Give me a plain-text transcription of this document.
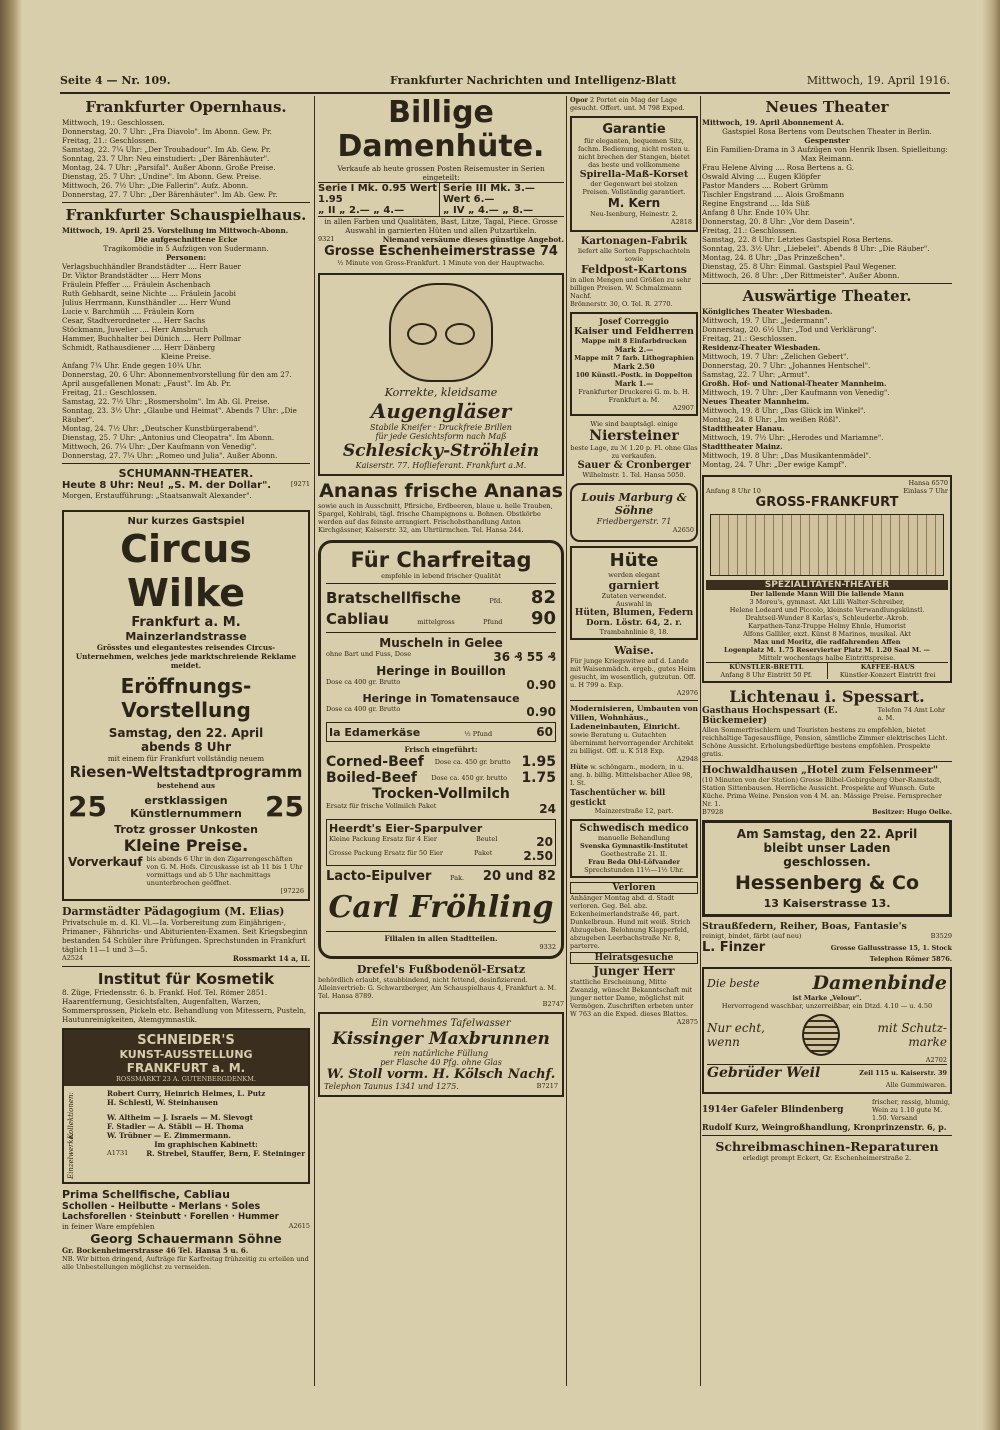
Seite 4 — Nr. 109.	Frankfurter Nachrichten und Intelligenz-Blatt	Mittwoch, 19. April 1916.
Frankfurter Opernhaus.

Mittwoch, 19.: Geschlossen.

Donnerstag, 20. 7 Uhr: „Fra Diavolo". Im Abonn. Gew. Pr.

Freitag, 21.: Geschlossen.

Samstag, 22. 7¼ Uhr: „Der Troubadour". Im Ab. Gew. Pr.

Sonntag, 23. 7 Uhr: Neu einstudiert: „Der Bärenhäuter".

Montag, 24. 7 Uhr: „Parsifal". Außer Abonn. Große Preise.

Dienstag, 25. 7 Uhr: „Undine". Im Abonn. Gew. Preise.

Mittwoch, 26. 7½ Uhr: „Die Fallerin". Aufz. Abonn.

Donnerstag, 27. 7 Uhr: „Der Bärenhäuter". Im Ab. Gew. Pr.

Frankfurter Schauspielhaus.

Mittwoch, 19. April 25. Vorstellung im Mittwoch-Abonn.

Die aufgeschnittene Ecke

Tragikomödie in 5 Aufzügen von Sudermann.

Personen:

Verlagsbuchhändler Brandstädter .... Herr Bauer

Dr. Viktor Brandstädter .... Herr Mons

Fräulein Pfeffer .... Fräulein Aschenbach

Ruth Gebhardt, seine Nichte .... Fräulein Jacobi

Julius Herrmann, Kunsthändler .... Herr Wund

Lucie v. Barchmüh .... Fräulein Korn

Cesar, Stadtverordneter .... Herr Sachs

Stöckmann, Juwelier .... Herr Amsbruch

Hammer, Buchhalter bei Dünich .... Herr Pollmar

Schmidt, Rathausdiener .... Herr Dänberg

Kleine Preise.

Anfang 7¼ Uhr. Ende gegen 10¼ Uhr.

Donnerstag, 20. 6 Uhr: Abonnementvorstellung für den am 27. April ausgefallenen Monat: „Faust". Im Ab. Pr.

Freitag, 21.: Geschlossen.

Samstag, 22. 7½ Uhr: „Rosmersholm". Im Ab. Gl. Preise.

Sonntag, 23. 3½ Uhr: „Glaube und Heimat". Abends 7 Uhr: „Die Räuber".

Montag, 24. 7½ Uhr: „Deutscher Kunstbürgerabend".

Dienstag, 25. 7 Uhr: „Antonius und Cleopatra". Im Abonn.

Mittwoch, 26. 7¼ Uhr: „Der Kaufmann von Venedig".

Donnerstag, 27. 7¼ Uhr: „Romeo und Julia". Außer Abonn.

SCHUMANN-THEATER.
Heute 8 Uhr: Neu! „S. M. der Dollar".	[9271

Morgen, Erstaufführung: „Staatsanwalt Alexander".

Nur kurzes Gastspiel
Circus Wilke
Frankfurt a. M.
Mainzerlandstrasse

Grösstes und elegantestes reisendes Circus-Unternehmen, welches jede marktschreiende Reklame meidet.

Eröffnungs-Vorstellung
Samstag, den 22. April
abends 8 Uhr

mit einem für Frankfurt vollständig neuem

Riesen-Weltstadtprogramm

bestehend aus

25	erstklassigen Künstlernummern 25
Trotz grosser Unkosten
Kleine Preise.
Vorverkauf bis abends 6 Uhr in den Zigarrengeschäften von G. M. Hofs. Circuskasse ist ab 11 bis 1 Uhr vormittags und ab 5 Uhr nachmittags ununterbrochen geöffnet.
[97226
Darmstädter Pädagogium (M. Elias)

Privatschule m. d. Kl. Vl.—Ia. Vorbereitung zum Einjährigen-, Primaner-, Fähnrichs- und Abiturienten-Examen. Seit Kriegsbeginn bestanden 54 Schüler ihre Prüfungen. Sprechstunden in Frankfurt täglich 11—1 und 3—5.

A2524	Rossmarkt 14 a, II.
Institut für Kosmetik

8. Züge, Friedensstr. 6. b. Frankf. Hof. Tel. Römer 2851. Haarentfernung, Gesichtsfalten, Augenfalten, Warzen, Sommersprossen, Pickeln etc. Behandlung von Mitessern, Pusteln, Hautunreinigkeiten, Atemgymnastik.

SCHNEIDER'S
KUNST-AUSSTELLUNG
FRANKFURT a. M.
ROSSMARKT 23 A. GUTENBERGDENKM.
Kollektionen:
Einzelwerke:

Robert Curry, Heinrich Helmes, L. Putz

H. Schlestl, W. Steinhausen

W. Altheim — J. Israels — M. Slevogt

F. Stadler — A. Stäbli — H. Thoma

W. Trübner — E. Zimmermann.

Im graphischen Kabinett:

A1731	R. Strebel, Stauffer, Bern, F. Steininger
Prima Schellfische, Cabliau
Schollen - Heilbutte - Merlans · Soles
Lachsforellen · Steinbutt · Forellen · Hummer
in feiner Ware empfehlen	A2615
Georg Schauermann Söhne

Gr. Bockenheimerstrasse 46 Tel. Hansa 5 u. 6.

NB. Wir bitten dringend, Aufträge für Karfreitag frühzeitig zu erteilen und alle Unbestellungen möglichst zu vermeiden.

Billige Damenhüte.

Verkaufe ab heute grossen Posten Reisemuster in Serien eingeteilt:

Serie I Mk. 0.95 Wert 1.95
„ II „ 2.— „ 4.—
Serie III Mk. 3.— Wert 6.—
„ IV „ 4.— „ 8.—

in allen Farben und Qualitäten, Bast, Litze, Tagal, Piece. Grosse Auswahl in garnierten Hüten und allen Putzartikeln.

9321	Niemand versäume dieses günstige Angebot.
Grosse Eschenheimerstrasse 74

½ Minute von Gross-Frankfurt. 1 Minute von der Hauptwache.

Korrekte, kleidsame
Augengläser
Stabile Kneifer · Druckfreie Brillen
für jede Gesichtsform nach Maß
Schlesicky-Ströhlein
Kaiserstr. 77. Hoflieferant. Frankfurt a.M.
Ananas frische Ananas

sowie auch in Ausschnitt, Pfirsiche, Erdbeeren, blaue u. helle Trauben, Spargel, Kohlrabi, tägl. frische Champignons u. Bohnen. Obstkörbe werden auf das feinste arrangiert. Frischobsthandlung Anton Kirchgässner, Kaiserstr. 32, am Uhrtürmchen. Tel. Hansa 244.

Für Charfreitag

empfehle in lebend frischer Qualität

Bratschellfische	Pfd. 82
Cabliau	mittelgross	Pfund 90
Muscheln in Gelee
ohne Bart und Fuss, Dose	36 ₰ 55 ₰
Heringe in Bouillon
Dose ca 400 gr. Brutto	0.90
Heringe in Tomatensauce
Dose ca 400 gr. Brutto	0.90
Ia Edamerkäse	½ Pfund	60
Frisch eingeführt:
Corned-Beef Dose ca. 450 gr. brutto 1.95
Boiled-Beef Dose ca. 450 gr. brutto 1.75
Trocken-Vollmilch
Ersatz für frische Vollmilch Paket	24
Heerdt's Eier-Sparpulver
Kleine Packung Ersatz für 4 Eier	Beutel	20
Grosse Packung Ersatz für 50 Eier	Paket	2.50
Lacto-Eipulver	Pak. 20 und 82
Carl Fröhling
Filialen in allen Stadtteilen.
9332
Drefel's Fußbodenöl-Ersatz

behördlich erlaubt, staubbindend, nicht fettend, desinfizierend. Alleinvertrieb: G. Schwarzberger, Am Schauspielhaus 4, Frankfurt a. M. Tel. Hansa 8789.

B2747
Ein vornehmes Tafelwasser
Kissinger Maxbrunnen
rein natürliche Füllung
per Flasche 40 Pfg. ohne Glas
W. Stoll vorm. H. Kölsch Nachf.
Telephon Taunus 1341 und 1275.	B7217

Opor 2 Portet ein Mag der Lage gesucht. Offert. unt. M 798 Exped.

Garantie

für eleganten, bequemen Sitz, fachm. Bedienung, nicht rosten u. nicht brechen der Stangen, bietet das beste und vollkommene

Spirella-Maß-Korset

der Gegenwart bei stolzen Preisen. Vollständig garantiert.

M. Kern
Neu-Isenburg, Heinestr. 2.
A2818
Kartonagen-Fabrik

liefert alle Sorten Pappschachteln sowie

Feldpost-Kartons

in allen Mengen und Größen zu sehr billigen Preisen. W. Schmalzmann Nachf.

Brönnerstr. 30, O. Tel. R. 2770.

Josef Correggio
Kaiser und Feldherren
Mappe mit 8 Einfarbdrucken
Mark 2.—
Mappe mit 7 farb. Lithographien
Mark 2.50
100 Künstl.-Postk. in Doppelton
Mark 1.—
Frankfurter Druckerei G. m. b. H. Frankfurt a. M.
A2907

Wie sind bauptsägl. einige

Niersteiner

beste Lage, zu ℳ 1.20 p. Fl. ohne Glas zu verkaufen.

Sauer & Cronberger

Wilhelmstr. 1. Tel. Hansa 5050.

Louis Marburg & Söhne
Friedbergerstr. 71
A2650
Hüte
werden elegant
garniert
Zutaten verwendet.
Auswahl in
Hüten, Blumen, Federn
Dorn. Löstr. 64, 2. r.
Trambahnlinie 8, 18.
Waise.

Für junge Kriegswitwe auf d. Lande mit Waisenmädch. ergeb., gutes Heim gesucht, im wesentlich, gutzutun. Off. u. H 799 a. Exp.

A2976
Modernisieren, Umbauten von Villen, Wohnhäus., Ladeneinbauten, Einricht.

sowie Beratung u. Gutachten übernimmt hervorragender Architekt zu billigst. Off. u. K 518 Exp.

A2948

Hüte w. schöngarn., modern, in u. ang. b. billig. Mittelsbacher Allee 98, I. St.

Taschentücher w. bill gestickt

Mainzerstraße 12, part.

Schwedisch medico
manuelle Behandlung
Svenska Gymnastik-Institutet
Goethestraße 21. II.
Frau Beda Ohl-Löfvander
Sprechstunden 11½—1½ Uhr.
Verloren

Anhänger Montag abd. d. Stadt verloren. Geg. Bel. abz. Eckenheimerlandstraße 46, part. Dunkelbraun. Hund mit weiß. Strich Abzugeben. Belohnung Klapperfeld, abzugeben Leerbachstraße Nr. 8, parterre.

Heiratsgesuche
Junger Herr

stattliche Erscheinung, Mitte Zwanzig, wünscht Bekanntschaft mit junger netter Dame, möglichst mit Vermögen. Zuschriften erbeten unter W 763 an die Exped. dieses Blattes.

A2875
Neues Theater

Mittwoch, 19. April Abonnement A.

Gastspiel Rosa Bertens vom Deutschen Theater in Berlin.

Gespenster

Ein Familien-Drama in 3 Aufzügen von Henrik Ibsen. Spielleitung: Max Reimann.

Frau Helene Alving .... Rosa Bertens a. G.

Oswald Alving .... Eugen Klöpfer

Pastor Manders .... Robert Grümm

Tischler Engstrand .... Alois Großmann

Regine Engstrand .... Ida Süß

Anfang 8 Uhr. Ende 10¾ Uhr.

Donnerstag, 20. 8 Uhr: „Vor dem Dasein".

Freitag, 21.: Geschlossen.

Samstag, 22. 8 Uhr: Letztes Gastspiel Rosa Bertens.

Sonntag, 23. 3½ Uhr: „Liebelei". Abends 8 Uhr: „Die Räuber".

Montag, 24. 8 Uhr: „Das Prinzeßchen".

Dienstag, 25. 8 Uhr: Einmal. Gastspiel Paul Wegener.

Mittwoch, 26. 8 Uhr: „Der Rittmeister". Außer Abonn.

Auswärtige Theater.

Königliches Theater Wiesbaden.

Mittwoch, 19. 7 Uhr: „Jedermann".

Donnerstag, 20. 6½ Uhr: „Tod und Verklärung".

Freitag, 21.: Geschlossen.

Residenz-Theater Wiesbaden.

Mittwoch, 19. 7 Uhr: „Zelichen Gebert".

Donnerstag, 20. 7 Uhr: „Johannes Hentschel".

Samstag, 22. 7 Uhr: „Armut".

Großh. Hof- und National-Theater Mannheim.

Mittwoch, 19. 7 Uhr: „Der Kaufmann von Venedig".

Neues Theater Mannheim.

Mittwoch, 19. 8 Uhr: „Das Glück im Winkel".

Montag, 24. 8 Uhr: „Im weißen Rößl".

Stadttheater Hanau.

Mittwoch, 19. 7½ Uhr: „Herodes und Mariamne".

Stadttheater Mainz.

Mittwoch, 19. 8 Uhr: „Das Musikantenmädel".

Montag, 24. 7 Uhr: „Der ewige Kampf".

Hansa 6570
Anfang 8 Uhr 10	Einlass 7 Uhr
GROSS-FRANKFURT
SPEZIALITÄTEN-THEATER
Der lallende Mann Will Die lallende Mann
3 Moreu's, gymnast. Akt Lilli Walter-Schreiber,
Helene Lodeard und Piccolo, kleinste Verwandlungskünstl.
Drahtseil-Wunder 8 Karlas's, Schleuderbr.-Akrob.
Karpathen-Tanz-Truppe Helmy Ehnle, Humorist
Alfons Galliler, exzt. Künst 8 Marinos, musikal. Akt
Max und Moritz, die radfahrenden Affen
Logenplatz M. 1.75 Reservierter Platz M. 1.20 Saal M. —
Mittelr wochentags halbe Eintrittspreise.
KÜNSTLER-BRETTL
Anfang 8 Uhr Eintritt 50 Pf.
KAFFEE-HAUS
Künstler-Konzert Eintritt frei
Lichtenau i. Spessart.
Gasthaus Hochspessart (E. Bückemeier)
Telefon 74 Amt Lohr a. M.

Allen Sommerfrischlern und Touristen bestens zu empfehlen, bietet reichhaltige Tagesausflüge, Pension, sämtliche Zimmer elektrisches Licht. Schöne Aussicht. Erholungsbedürftige bestens empfohlen. Prospekte gratis.

Hochwaldhausen „Hotel zum Felsenmeer"

(10 Minuten von der Station) Grosse Bilbel-Gebirgsberg Ober-Ramstadt, Station Sittenbausen. Herrliche Aussicht. Prospekte auf Wunsch. Gute Küche. Prima Weine. Pension von 4 M. an. Mässige Preise. Fernsprecher Nr. 1.

B7928	Besitzer: Hugo Oelke.
Am Samstag, den 22. April
bleibt unser Laden
geschlossen.
Hessenberg & Co
13 Kaiserstrasse 13.
Straußfedern, Reiher, Boas, Fantasie's
reinigt, bindet, färbt (auf neu)	B3529
L. Finzer	Grosse Gallusstrasse 15, 1. Stock
Telephon Römer 5876.
Die beste	Damenbinde
ist Marke „Velour".
Hervorragend waschbar, unzerreißbar, ein Dtzd. 4.10 — u. 4.50
Nur echt,
wenn
mit Schutz-
marke
A2702
Gebrüder Weil	Zeil 115 u. Kaiserstr. 39
Alle Gummiwaren.
1914er Gafeler Blindenberg
frischer, rassig, blumig, Wein zu 1.10 gute M. 1.50. Versand
Rudolf Kurz, Weingroßhandlung, Kronprinzenstr. 6, p.
Schreibmaschinen-Reparaturen

erledigt prompt Eckert, Gr. Eschenheimerstraße 2.
